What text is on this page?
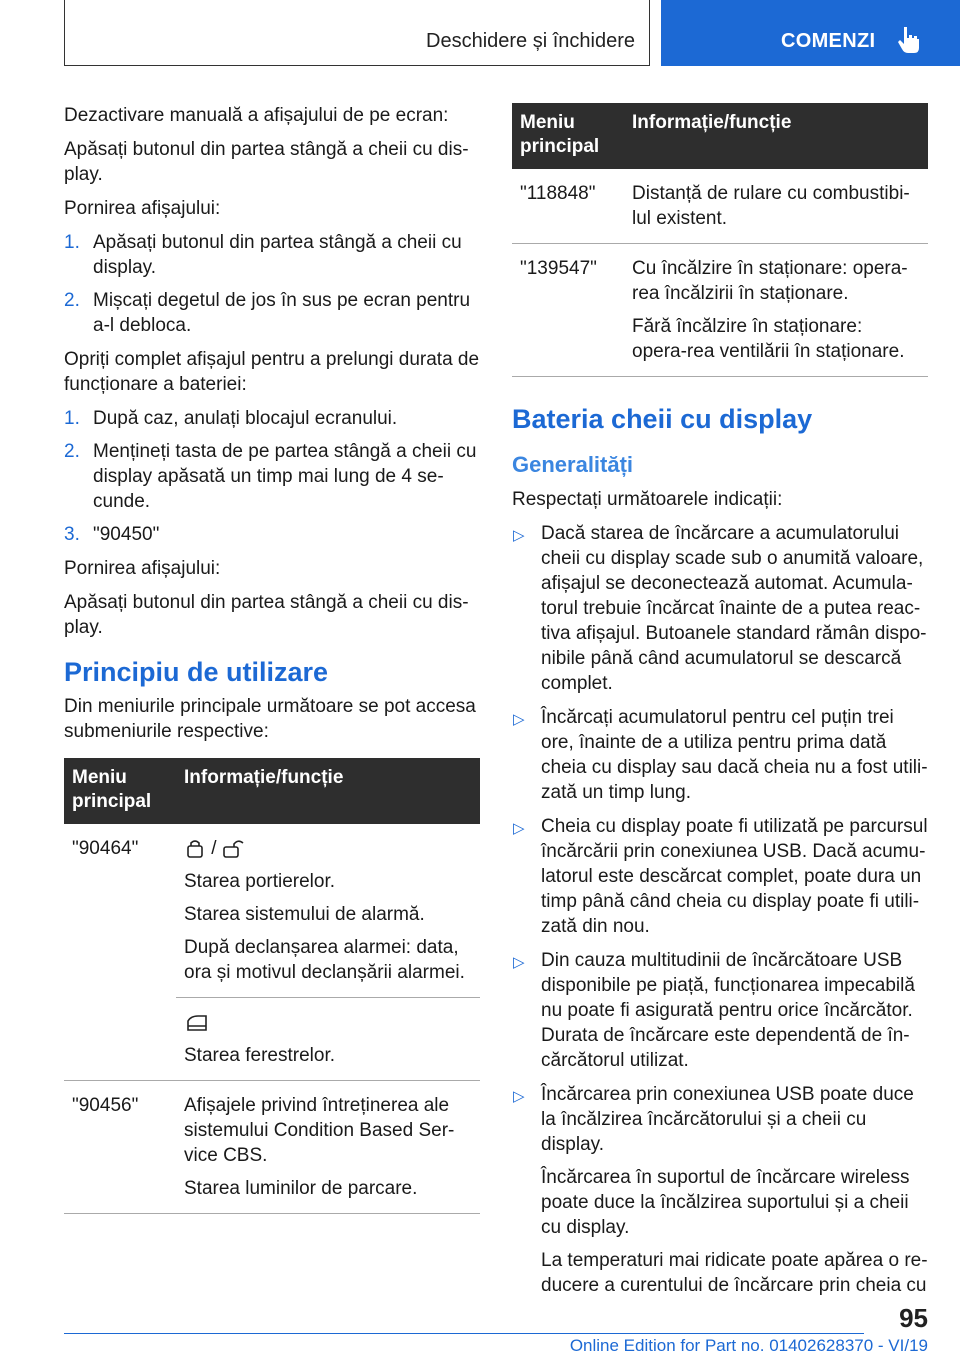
Deschidere și închidere	COMENZI

Dezactivare manuală a afișajului de pe ecran:

Apăsați butonul din partea stângă a cheii cu dis‐play.

Pornirea afișajului:

1. Apăsați butonul din partea stângă a cheii cu display.
2. Mișcați degetul de jos în sus pe ecran pentru a-l debloca.

Opriți complet afișajul pentru a prelungi durata de funcționare a bateriei:

1. După caz, anulați blocajul ecranului.
2. Mențineți tasta de pe partea stângă a cheii cu display apăsată un timp mai lung de 4 se‐cunde.
3. "90450"

Pornirea afișajului:

Apăsați butonul din partea stângă a cheii cu dis‐play.

Principiu de utilizare

Din meniurile principale următoare se pot accesa submeniurile respective:

Meniu principal	Informație/funcție
"90464"	/

Starea portierelor.

Starea sistemului de alarmă.

După declanșarea alarmei: data, ora și motivul declanșării alarmei.

	Starea ferestrelor.

"90456"	Afișajele privind întreținerea ale sistemului Condition Based Ser‐vice CBS.

Starea luminilor de parcare.

Meniu principal	Informație/funcție
"118848"	Distanță de rulare cu combustibi‐lul existent.

"139547"	Cu încălzire în staționare: opera‐rea încălzirii în staționare.

Fără încălzire în staționare: opera‐rea ventilării în staționare.

Bateria cheii cu display
Generalități

Respectați următoarele indicații:

▷ Dacă starea de încărcare a acumulatorului cheii cu display scade sub o anumită valoare, afișajul se deconectează automat. Acumula‐torul trebuie încărcat înainte de a putea reac‐tiva afișajul. Butoanele standard rămân dispo‐nibile până când acumulatorul se descarcă complet.
▷ Încărcați acumulatorul pentru cel puțin trei ore, înainte de a utiliza pentru prima dată cheia cu display sau dacă cheia nu a fost utili‐zată un timp lung.
▷ Cheia cu display poate fi utilizată pe parcursul încărcării prin conexiunea USB. Dacă acumu‐latorul este descărcat complet, poate dura un timp până când cheia cu display poate fi utili‐zată din nou.
▷ Din cauza multitudinii de încărcătoare USB disponibile pe piață, funcționarea impecabilă nu poate fi asigurată pentru orice încărcător. Durata de încărcare este dependentă de în‐cărcătorul utilizat.
▷ Încărcarea prin conexiunea USB poate duce la încălzirea încărcătorului și a cheii cu display.

Încărcarea în suportul de încărcare wireless poate duce la încălzirea suportului și a cheii cu display.

La temperaturi mai ridicate poate apărea o re‐ducere a curentului de încărcare prin cheia cu

95
Online Edition for Part no. 01402628370 - VI/19
